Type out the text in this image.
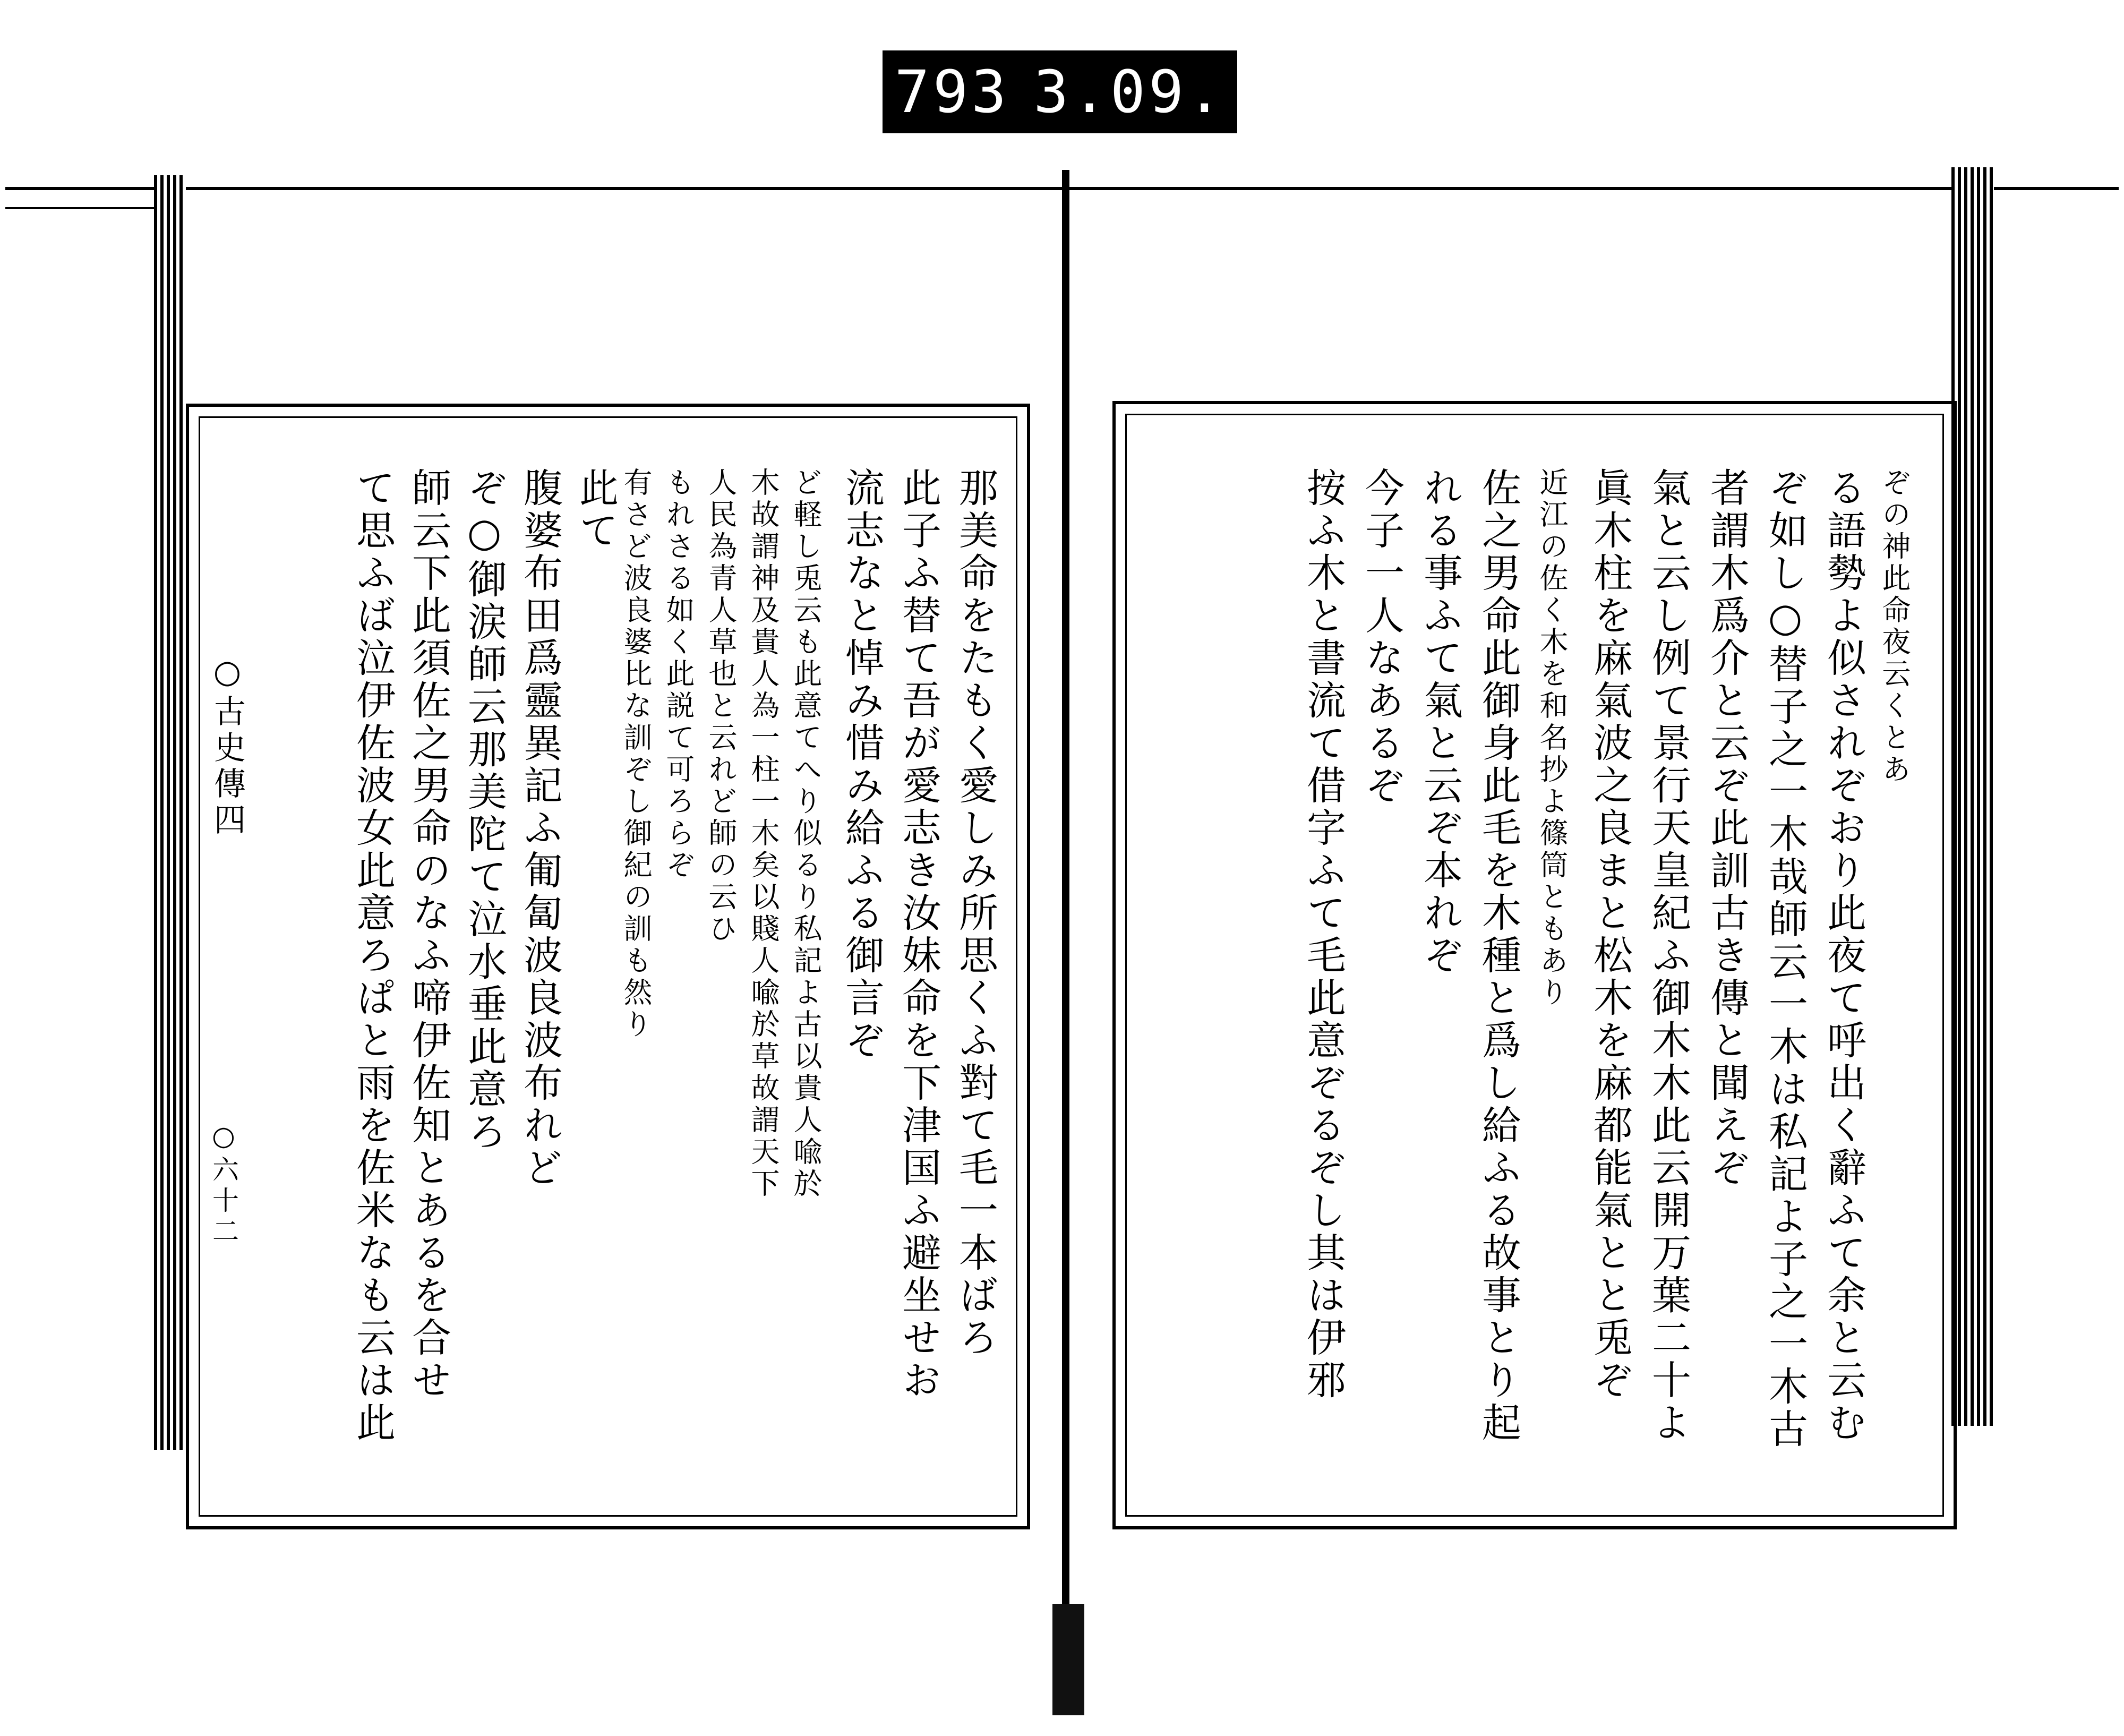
793 3.09.
○古史傳四
○六十二	那美命をたもく愛しみ所思くふ對て毛一本ばろ
此子ふ替て吾が愛志き汝妹命を下津国ふ避坐せお
流志なと悼み惜み給ふる御言ぞ
ど軽し兎云も此意てへり似るり私記よ古以貴人喩於
木故謂神及貴人為一柱一木矣以賤人喩於草故謂天下
人民為青人草也と云れど師の云ひ
もれさる如く此説て可ろらぞ
有さど波良婆比な訓ぞし御紀の訓も然り
此て
腹婆布田爲靈異記ふ匍匐波良波布れど
ぞ○御涙師云那美陀て泣水垂此意ろ
師云下此須佐之男命のなふ啼伊佐知とあるを合せ
て思ふば泣伊佐波女此意ろぱと雨を佐米なも云は此	ぞの神此命夜云くとあ
る語勢よ似されぞおり此夜て呼出く辭ふて余と云む
ぞ如し○替子之一木哉師云一木は私記よ子之一木古
者謂木爲介と云ぞ此訓古き傳と聞えぞ
氣と云し例て景行天皇紀ふ御木木此云開万葉二十よ
眞木柱を麻氣波之良まと松木を麻都能氣とと兎ぞ
近江の佐く木を和名抄よ篠筒ともあり
佐之男命此御身此毛を木種と爲し給ふる故事とり起
れる事ふて氣と云ぞ本れぞ
今子一人なあるぞ
按ふ木と書流て借字ふて毛此意ぞるぞし其は伊邪
